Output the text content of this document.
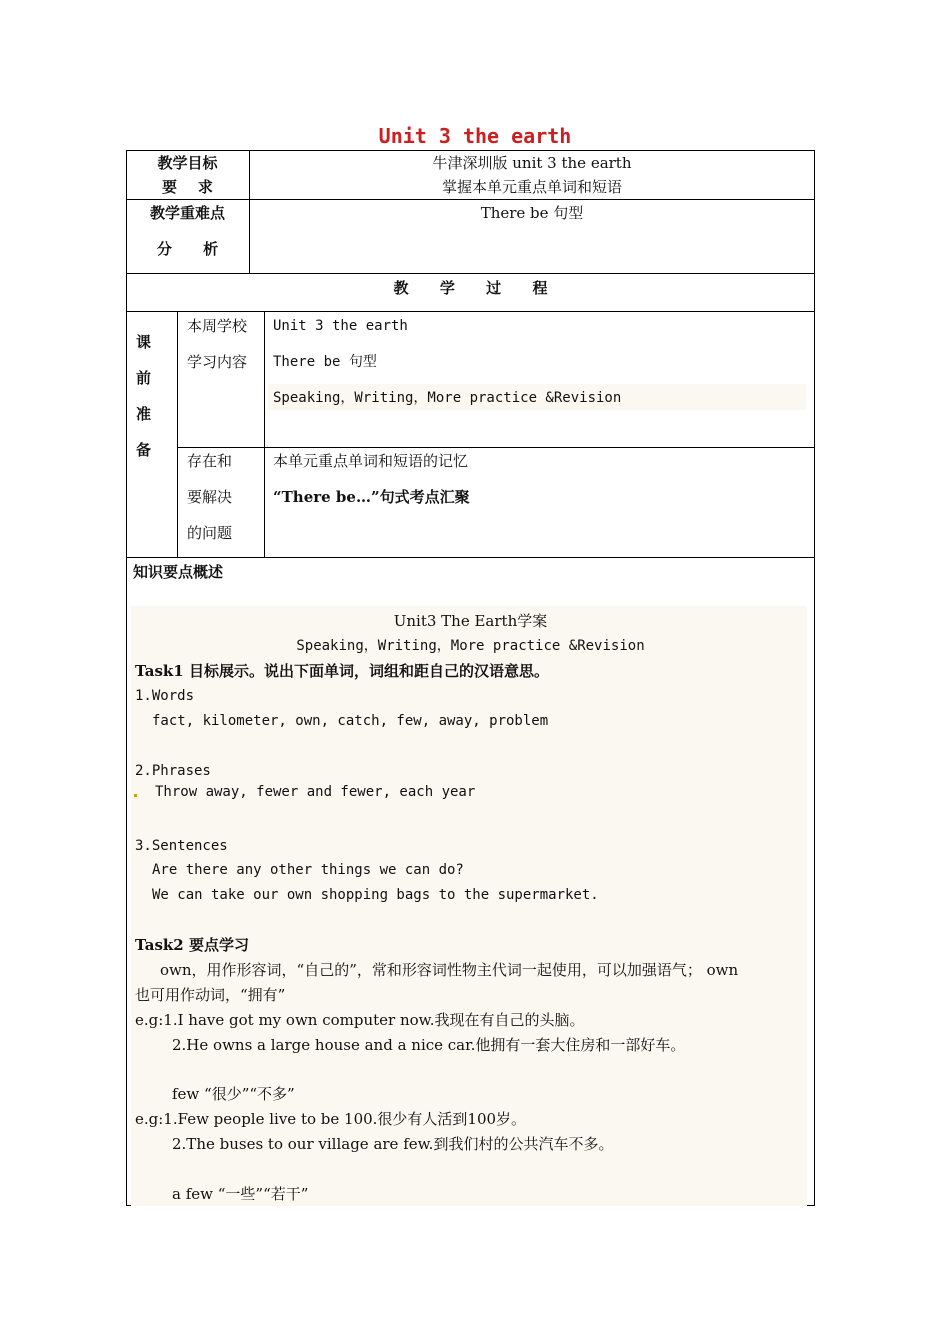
Unit 3 the earth
教学目标
要    求
牛津深圳版 unit 3 the earth
掌握本单元重点单词和短语
教学重难点
分      析
There be 句型
教      学      过      程
课
前
准
备
本周学校
学习内容
Unit 3 the earth
There be 句型
Speaking，Writing，More practice &Revision
存在和
要解决
的问题
本单元重点单词和短语的记忆
“There be…”句式考点汇聚
知识要点概述
Unit3 The Earth学案
Speaking，Writing，More practice &Revision
Task1 目标展示。说出下面单词，词组和距自己的汉语意思。
1.Words
fact, kilometer, own, catch, few, away, problem
2.Phrases
Throw away, fewer and fewer, each year
3.Sentences
Are there any other things we can do?
We can take our own shopping bags to the supermarket.
Task2 要点学习
own，用作形容词，“自己的”，常和形容词性物主代词一起使用，可以加强语气； own
也可用作动词，“拥有”
e.g:1.I have got my own computer now.我现在有自己的头脑。
2.He owns a large house and a nice car.他拥有一套大住房和一部好车。
few “很少”“不多”
e.g:1.Few people live to be 100.很少有人活到100岁。
2.The buses to our village are few.到我们村的公共汽车不多。
a few “一些”“若干”
